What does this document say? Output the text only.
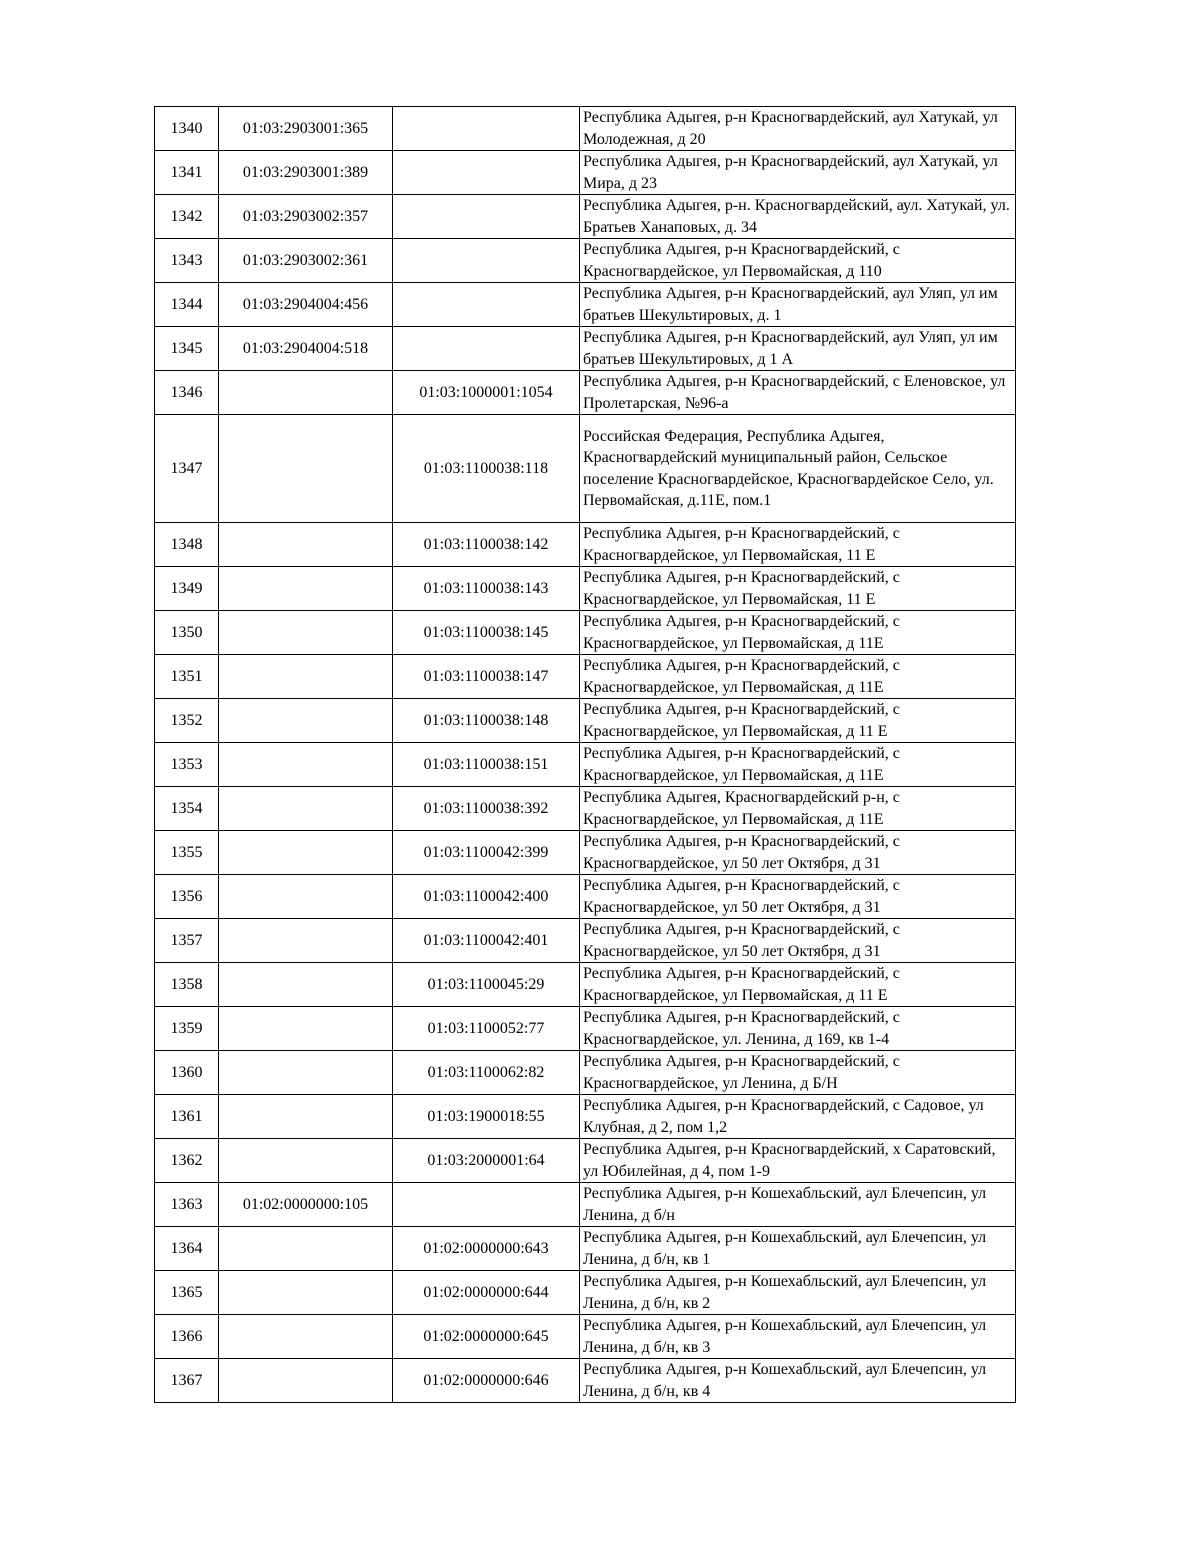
1340	01:03:2903001:365		Республика Адыгея, р-н Красногвардейский, аул Хатукай, ул Молодежная, д 20
1341	01:03:2903001:389		Республика Адыгея, р-н Красногвардейский, аул Хатукай, ул Мира, д 23
1342	01:03:2903002:357		Республика Адыгея, р-н. Красногвардейский, аул. Хатукай, ул. Братьев Ханаповых, д. 34
1343	01:03:2903002:361		Республика Адыгея, р-н Красногвардейский, с Красногвардейское, ул Первомайская, д 110
1344	01:03:2904004:456		Республика Адыгея, р-н Красногвардейский, аул Уляп, ул им братьев Шекультировых, д. 1
1345	01:03:2904004:518		Республика Адыгея, р-н Красногвардейский, аул Уляп, ул им братьев Шекультировых, д 1 А
1346		01:03:1000001:1054	Республика Адыгея, р-н Красногвардейский, с Еленовское, ул Пролетарская, №96-а
1347		01:03:1100038:118	Российская Федерация, Республика Адыгея, Красногвардейский муниципальный район, Сельское поселение Красногвардейское, Красногвардейское Село, ул. Первомайская, д.11Е, пом.1
1348		01:03:1100038:142	Республика Адыгея, р-н Красногвардейский, с Красногвардейское, ул Первомайская, 11 Е
1349		01:03:1100038:143	Республика Адыгея, р-н Красногвардейский, с Красногвардейское, ул Первомайская, 11 Е
1350		01:03:1100038:145	Республика Адыгея, р-н Красногвардейский, с Красногвардейское, ул Первомайская, д 11Е
1351		01:03:1100038:147	Республика Адыгея, р-н Красногвардейский, с Красногвардейское, ул Первомайская, д 11Е
1352		01:03:1100038:148	Республика Адыгея, р-н Красногвардейский, с Красногвардейское, ул Первомайская, д 11 Е
1353		01:03:1100038:151	Республика Адыгея, р-н Красногвардейский, с Красногвардейское, ул Первомайская, д 11Е
1354		01:03:1100038:392	Республика Адыгея, Красногвардейский р-н, с Красногвардейское, ул Первомайская, д 11Е
1355		01:03:1100042:399	Республика Адыгея, р-н Красногвардейский, с Красногвардейское, ул 50 лет Октября, д 31
1356		01:03:1100042:400	Республика Адыгея, р-н Красногвардейский, с Красногвардейское, ул 50 лет Октября, д 31
1357		01:03:1100042:401	Республика Адыгея, р-н Красногвардейский, с Красногвардейское, ул 50 лет Октября, д 31
1358		01:03:1100045:29	Республика Адыгея, р-н Красногвардейский, с Красногвардейское, ул Первомайская, д 11 Е
1359		01:03:1100052:77	Республика Адыгея, р-н Красногвардейский, с Красногвардейское, ул. Ленина, д 169, кв 1-4
1360		01:03:1100062:82	Республика Адыгея, р-н Красногвардейский, с Красногвардейское, ул Ленина, д Б/Н
1361		01:03:1900018:55	Республика Адыгея, р-н Красногвардейский, с Садовое, ул Клубная, д 2, пом 1,2
1362		01:03:2000001:64	Республика Адыгея, р-н Красногвардейский, х Саратовский, ул Юбилейная, д 4, пом 1-9
1363	01:02:0000000:105		Республика Адыгея, р-н Кошехабльский, аул Блечепсин, ул Ленина, д б/н
1364		01:02:0000000:643	Республика Адыгея, р-н Кошехабльский, аул Блечепсин, ул Ленина, д б/н, кв 1
1365		01:02:0000000:644	Республика Адыгея, р-н Кошехабльский, аул Блечепсин, ул Ленина, д б/н, кв 2
1366		01:02:0000000:645	Республика Адыгея, р-н Кошехабльский, аул Блечепсин, ул Ленина, д б/н, кв 3
1367		01:02:0000000:646	Республика Адыгея, р-н Кошехабльский, аул Блечепсин, ул Ленина, д б/н, кв 4
